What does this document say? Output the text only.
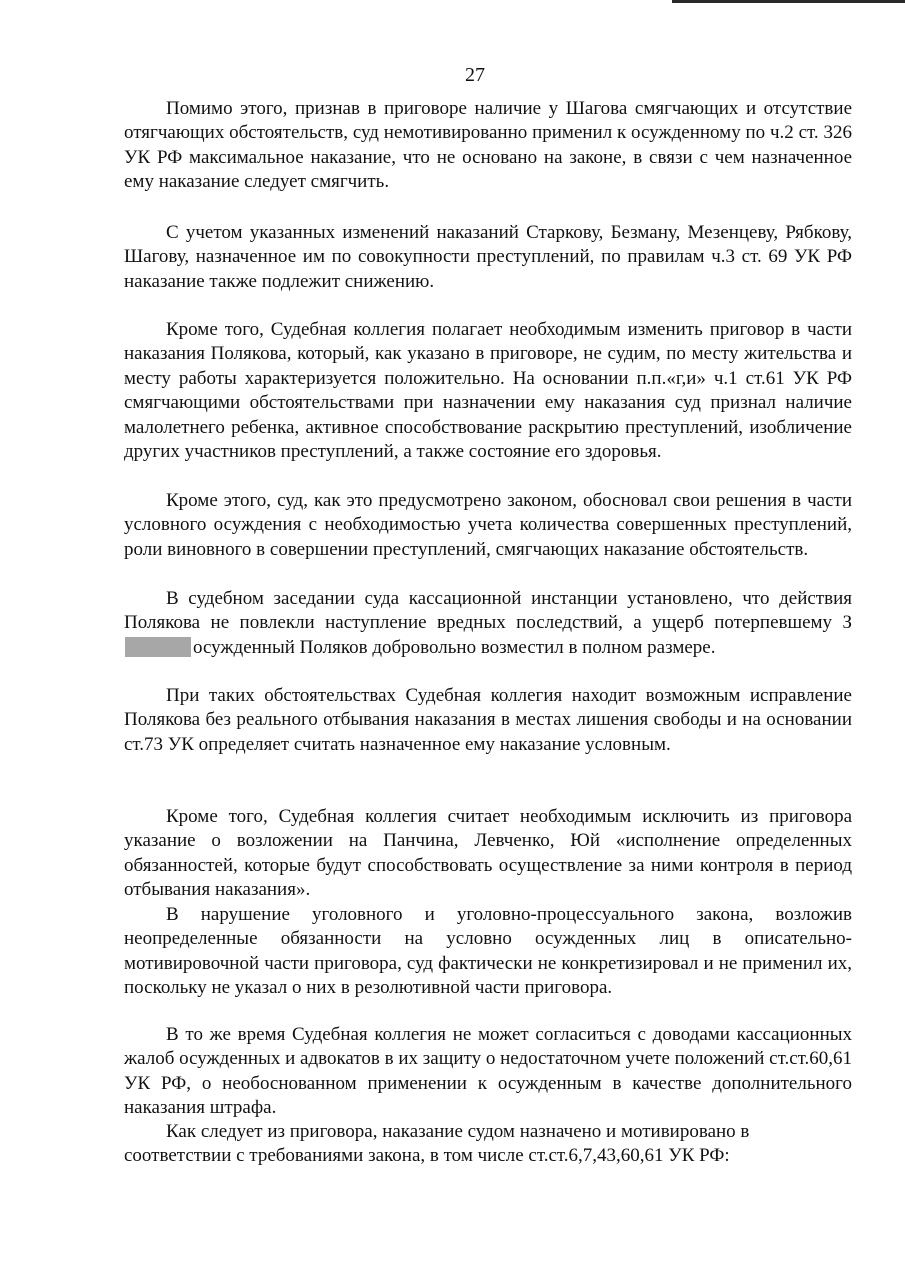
27

Помимо этого, признав в приговоре наличие у Шагова смягчающих и отсутствие отягчающих обстоятельств, суд немотивированно применил к осужденному по ч.2 ст. 326 УК РФ максимальное наказание, что не основано на законе, в связи с чем назначенное ему наказание следует смягчить.

С учетом указанных изменений наказаний Старкову, Безману, Мезенцеву, Рябкову, Шагову, назначенное им по совокупности преступлений, по правилам ч.3 ст. 69 УК РФ наказание также подлежит снижению.

Кроме того, Судебная коллегия полагает необходимым изменить приговор в части наказания Полякова, который, как указано в приговоре, не судим, по месту жительства и месту работы характеризуется положительно. На основании п.п.«г,и» ч.1 ст.61 УК РФ смягчающими обстоятельствами при назначении ему наказания суд признал наличие малолетнего ребенка, активное способствование раскрытию преступлений, изобличение других участников преступлений, а также состояние его здоровья.

Кроме этого, суд, как это предусмотрено законом, обосновал свои решения в части условного осуждения с необходимостью учета количества совершенных преступлений, роли виновного в совершении преступлений, смягчающих наказание обстоятельств.

В судебном заседании суда кассационной инстанции установлено, что действия Полякова не повлекли наступление вредных последствий, а ущерб потерпевшему Зосужденный Поляков добровольно возместил в полном размере.

При таких обстоятельствах Судебная коллегия находит возможным исправление Полякова без реального отбывания наказания в местах лишения свободы и на основании ст.73 УК определяет считать назначенное ему наказание условным.

Кроме того, Судебная коллегия считает необходимым исключить из приговора указание о возложении на Панчина, Левченко, Юй «исполнение определенных обязанностей, которые будут способствовать осуществление за ними контроля в период отбывания наказания».

В нарушение уголовного и уголовно-процессуального закона, возложив неопределенные обязанности на условно осужденных лиц в описательно-мотивировочной части приговора, суд фактически не конкретизировал и не применил их, поскольку не указал о них в резолютивной части приговора.

В то же время Судебная коллегия не может согласиться с доводами кассационных жалоб осужденных и адвокатов в их защиту о недостаточном учете положений ст.ст.60,61 УК РФ, о необоснованном применении к осужденным в качестве дополнительного наказания штрафа.

Как следует из приговора, наказание судом назначено и мотивировано в
соответствии с требованиями закона, в том числе ст.ст.6,7,43,60,61 УК РФ:
